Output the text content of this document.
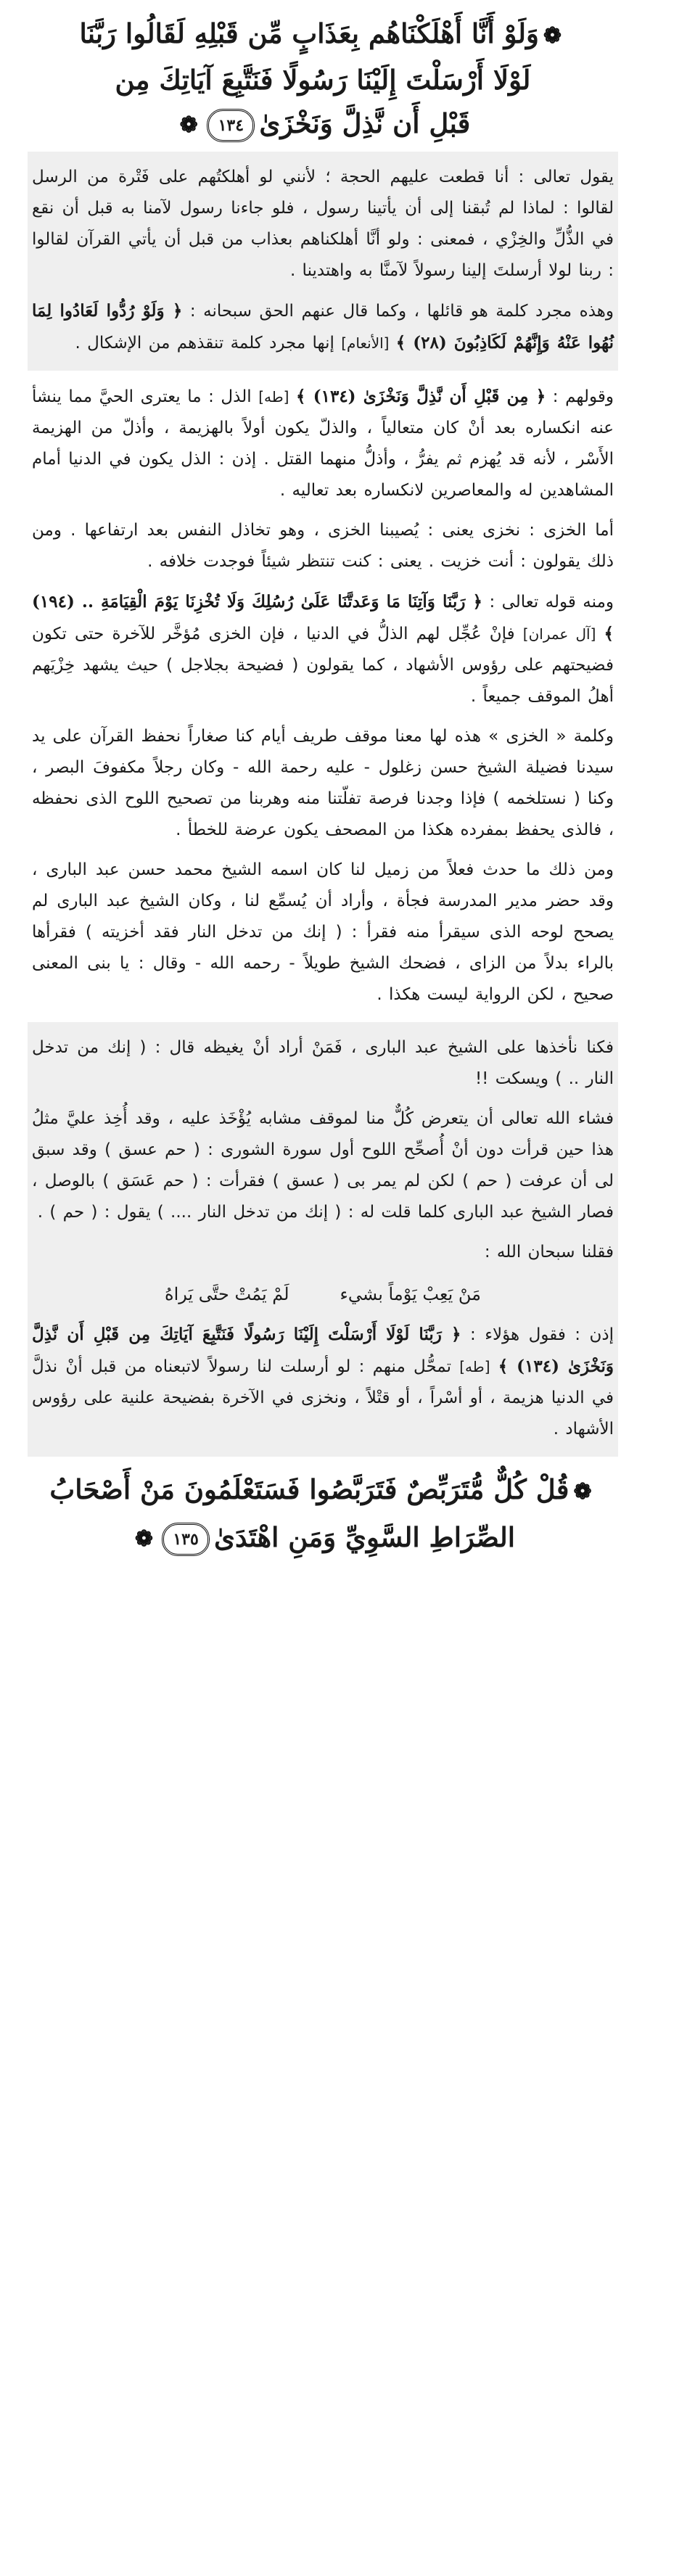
❁وَلَوْ أَنَّا أَهْلَكْنَاهُم بِعَذَابٍ مِّن قَبْلِهِ لَقَالُوا رَبَّنَا
لَوْلَا أَرْسَلْتَ إِلَيْنَا رَسُولًا فَنَتَّبِعَ آيَاتِكَ مِن
قَبْلِ أَن نَّذِلَّ وَنَخْزَىٰ١٣٤❁

يقول تعالى : أنا قطعت عليهم الحجة ؛ لأنني لو أهلكتُهم على فَتْرة من الرسل لقالوا : لماذا لم تُبقنا إلى أن يأتينا رسول ، فلو جاءنا رسول لآمنا به قبل أن نقع في الذُّلِّ والخِزْي ، فمعنى : ولو أنَّا أهلكناهم بعذاب من قبل أن يأتي القرآن لقالوا : ربنا لولا أرسلتَ إلينا رسولاً لآمنَّا به واهتدينا .

وهذه مجرد كلمة هو قائلها ، وكما قال عنهم الحق سبحانه : ﴿ وَلَوْ رُدُّوا لَعَادُوا لِمَا نُهُوا عَنْهُ وَإِنَّهُمْ لَكَاذِبُونَ (٢٨) ﴾ [الأنعام] إنها مجرد كلمة تنقذهم من الإشكال .

وقولهم : ﴿ مِن قَبْلِ أَن نَّذِلَّ وَنَخْزَىٰ (١٣٤) ﴾ [طه] الذل : ما يعترى الحيَّ مما ينشأ عنه انكساره بعد أنْ كان متعالياً ، والذلّ يكون أولاً بالهزيمة ، وأذلّ من الهزيمة الأَسْر ، لأنه قد يُهزم ثم يفرُّ ، وأذلُّ منهما القتل . إذن : الذل يكون في الدنيا أمام المشاهدين له والمعاصرين لانكساره بعد تعاليه .

أما الخزى : نخزى يعنى : يُصيبنا الخزى ، وهو تخاذل النفس بعد ارتفاعها . ومن ذلك يقولون : أنت خزيت . يعنى : كنت تنتظر شيئاً فوجدت خلافه .

ومنه قوله تعالى : ﴿ رَبَّنَا وَآتِنَا مَا وَعَدتَّنَا عَلَىٰ رُسُلِكَ وَلَا تُخْزِنَا يَوْمَ الْقِيَامَةِ .. (١٩٤) ﴾ [آل عمران] فإنْ عُجِّل لهم الذلُّ في الدنيا ، فإن الخزى مُؤخَّر للآخرة حتى تكون فضيحتهم على رؤوس الأشهاد ، كما يقولون ( فضيحة بجلاجل ) حيث يشهد خِزْيَهم أهلُ الموقف جميعاً .

وكلمة « الخزى » هذه لها معنا موقف طريف أيام كنا صغاراً نحفظ القرآن على يد سيدنا فضيلة الشيخ حسن زغلول - عليه رحمة الله - وكان رجلاً مكفوفَ البصر ، وكنا ( نستلخمه ) فإذا وجدنا فرصة تفلّتنا منه وهربنا من تصحيح اللوح الذى نحفظه ، فالذى يحفظ بمفرده هكذا من المصحف يكون عرضة للخطأ .

ومن ذلك ما حدث فعلاً من زميل لنا كان اسمه الشيخ محمد حسن عبد البارى ، وقد حضر مدير المدرسة فجأة ، وأراد أن يُسمِّع لنا ، وكان الشيخ عبد البارى لم يصحح لوحه الذى سيقرأ منه فقرأ : ( إنك من تدخل النار فقد أخزيته ) فقرأها بالراء بدلاً من الزاى ، فضحك الشيخ طويلاً - رحمه الله - وقال : يا بنى المعنى صحيح ، لكن الرواية ليست هكذا .

فكنا نأخذها على الشيخ عبد البارى ، فَمَنْ أراد أنْ يغيظه قال : ( إنك من تدخل النار .. ) ويسكت !!

فشاء الله تعالى أن يتعرض كُلٌّ منا لموقف مشابه يُؤْخَذ عليه ، وقد أُخِذ عليَّ مثلُ هذا حين قرأت دون أنْ أُصحِّح اللوح أول سورة الشورى : ( حم عسق ) وقد سبق لى أن عرفت ( حم ) لكن لم يمر بى ( عسق ) فقرأت : ( حم عَسَق ) بالوصل ، فصار الشيخ عبد البارى كلما قلت له : ( إنك من تدخل النار .... ) يقول : ( حم ) .

فقلنا سبحان الله :

مَنْ يَعِبْ يَوْماً بشيء
لَمْ يَمُتْ حتَّى يَراهُ

إذن : فقول هؤلاء : ﴿ رَبَّنَا لَوْلَا أَرْسَلْتَ إِلَيْنَا رَسُولًا فَنَتَّبِعَ آيَاتِكَ مِن قَبْلِ أَن نَّذِلَّ وَنَخْزَىٰ (١٣٤) ﴾ [طه] تمحُّل منهم : لو أرسلت لنا رسولاً لاتبعناه من قبل أنْ نذلَّ في الدنيا هزيمة ، أو أسْراً ، أو قتْلاً ، ونخزى في الآخرة بفضيحة علنية على رؤوس الأشهاد .

❁قُلْ كُلٌّ مُّتَرَبِّصٌ فَتَرَبَّصُوا فَسَتَعْلَمُونَ مَنْ أَصْحَابُ
الصِّرَاطِ السَّوِيِّ وَمَنِ اهْتَدَىٰ١٣٥❁
